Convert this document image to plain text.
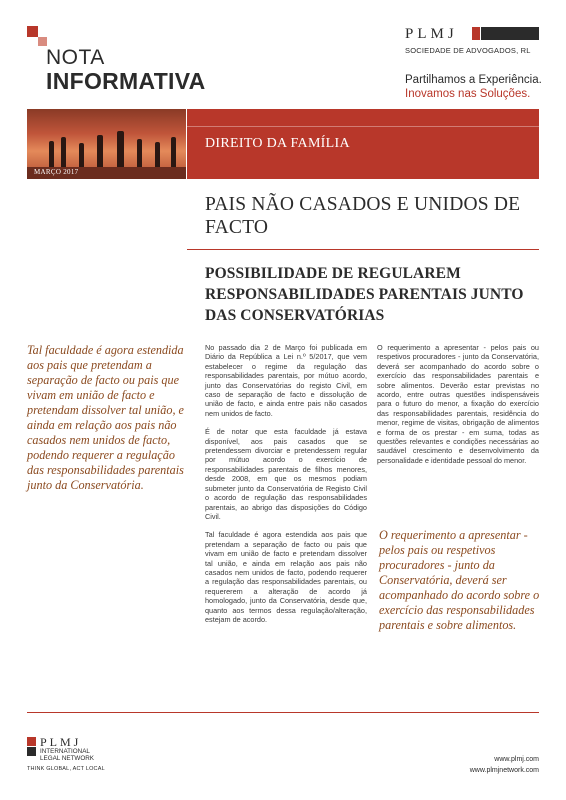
NOTA
INFORMATIVA
PLMJ
SOCIEDADE DE ADVOGADOS, RL
Partilhamos a Experiência.
Inovamos nas Soluções.
MARÇO 2017
DIREITO DA FAMÍLIA
PAIS NÃO CASADOS E UNIDOS DE FACTO
POSSIBILIDADE DE REGULAREM RESPONSABILIDADES PARENTAIS JUNTO DAS CONSERVATÓRIAS
Tal faculdade é agora estendida aos pais que pretendam a separação de facto ou pais que vivam em união de facto e pretendam dissolver tal união, e ainda em relação aos pais não casados nem unidos de facto, podendo requerer a regulação das responsabilidades parentais junto da Conservatória.

No passado dia 2 de Março foi publicada em Diário da República a Lei n.º 5/2017, que vem estabelecer o regime da regulação das responsabilidades parentais, por mútuo acordo, junto das Conservatórias do registo Civil, em caso de separação de facto e dissolução de união de facto, e ainda entre pais não casados nem unidos de facto.

É de notar que esta faculdade já estava disponível, aos pais casados que se pretendessem divorciar e pretendessem regular por mútuo acordo o exercício de responsabilidades parentais de filhos menores, desde 2008, em que os mesmos podiam submeter junto da Conservatória de Registo Civil o acordo de regulação das responsabilidades parentais, ao abrigo das disposições do Código Civil.

Tal faculdade é agora estendida aos pais que pretendam a separação de facto ou pais que vivam em união de facto e pretendam dissolver tal união, e ainda em relação aos pais não casados nem unidos de facto, podendo requerer a regulação das responsabilidades parentais, ou requererem a alteração de acordo já homologado, junto da Conservatória, desde que, quanto aos termos dessa regulação/alteração, estejam de acordo.

O requerimento a apresentar - pelos pais ou respetivos procuradores - junto da Conservatória, deverá ser acompanhado do acordo sobre o exercício das responsabilidades parentais e sobre alimentos. Deverão estar previstas no acordo, entre outras questões indispensáveis para o futuro do menor, a fixação do exercício das responsabilidades parentais, residência do menor, regime de visitas, obrigação de alimentos e forma de os prestar - em suma, todas as questões relevantes e condições necessárias ao saudável crescimento e desenvolvimento da personalidade e identidade pessoal do menor.

O requerimento a apresentar - pelos pais ou respetivos procuradores - junto da Conservatória, deverá ser acompanhado do acordo sobre o exercício das responsabilidades parentais e sobre alimentos.
PLMJ
INTERNATIONAL
LEGAL NETWORK
THINK GLOBAL, ACT LOCAL
www.plmj.com
www.plmjnetwork.com
